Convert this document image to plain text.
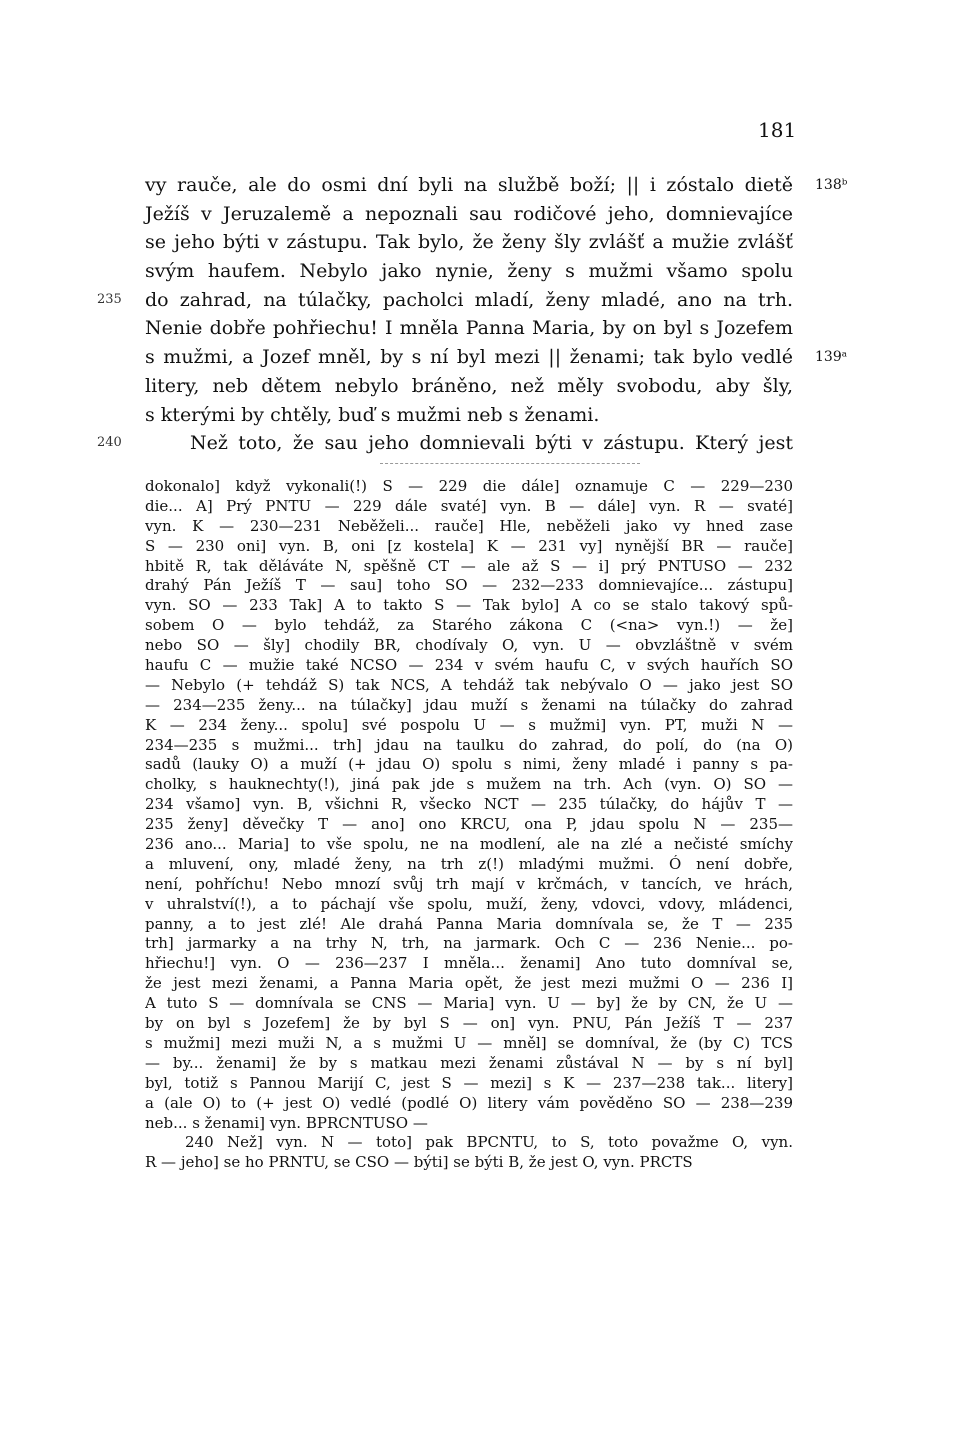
181
vy rauče, ale do osmi dní byli na službě boží; || i zóstalo dietě 138ᵇ
Ježíš v Jeruzalemě a nepoznali sau rodičové jeho, domnievajíce
se jeho býti v zástupu. Tak bylo, že ženy šly zvlášť a mužie zvlášť
svým haufem. Nebylo jako nynie, ženy s mužmi všamo spolu
235 do zahrad, na túlačky, pacholci mladí, ženy mladé, ano na trh.
Nenie dobře pohřiechu! I mněla Panna Maria, by on byl s Jozefem
s mužmi, a Jozef mněl, by s ní byl mezi || ženami; tak bylo vedlé 139ᵃ
litery, neb dětem nebylo bráněno, než měly svobodu, aby šly,
s kterými by chtěly, buď s mužmi neb s ženami.
240	Než toto, že sau jeho domnievali býti v zástupu. Který jest
dokonalo] když vykonali(!) S — 229 die dále] oznamuje C — 229—230
die... A] Prý PNTU — 229 dále svaté] vyn. B — dále] vyn. R — svaté]
vyn. K — 230—231 Neběželi... rauče] Hle, neběželi jako vy hned zase
S — 230 oni] vyn. B, oni [z kostela] K — 231 vy] nynější BR — rauče]
hbitě R, tak děláváte N, spěšně CT — ale až S — i] prý PNTUSO — 232
drahý Pán Ježíš T — sau] toho SO — 232—233 domnievajíce... zástupu]
vyn. SO — 233 Tak] A to takto S — Tak bylo] A co se stalo takový spů-
sobem O — bylo tehdáž, za Starého zákona C (<na> vyn.!) — že]
nebo SO — šly] chodily BR, chodívaly O, vyn. U — obvzláštně v svém
haufu C — mužie také NCSO — 234 v svém haufu C, v svých hauřích SO
— Nebylo (+ tehdáž S) tak NCS, A tehdáž tak nebývalo O — jako jest SO
— 234—235 ženy... na túlačky] jdau muží s ženami na túlačky do zahrad
K — 234 ženy... spolu] své pospolu U — s mužmi] vyn. PT, muži N —
234—235 s mužmi... trh] jdau na taulku do zahrad, do polí, do (na O)
sadů (lauky O) a muží (+ jdau O) spolu s nimi, ženy mladé i panny s pa-
cholky, s hauknechty(!), jiná pak jde s mužem na trh. Ach (vyn. O) SO —
234 všamo] vyn. B, všichni R, všecko NCT — 235 túlačky, do hájův T —
235 ženy] děvečky T — ano] ono KRCU, ona P, jdau spolu N — 235—
236 ano... Maria] to vše spolu, ne na modlení, ale na zlé a nečisté smíchy
a mluvení, ony, mladé ženy, na trh z(!) mladými mužmi. Ó není dobře,
není, pohříchu! Nebo mnozí svůj trh mají v krčmách, v tancích, ve hrách,
v uhralství(!), a to páchají vše spolu, muží, ženy, vdovci, vdovy, mládenci,
panny, a to jest zlé! Ale drahá Panna Maria domnívala se, že T — 235
trh] jarmarky a na trhy N, trh, na jarmark. Och C — 236 Nenie... po-
hřiechu!] vyn. O — 236—237 I mněla... ženami] Ano tuto domníval se,
že jest mezi ženami, a Panna Maria opět, že jest mezi mužmi O — 236 I]
A tuto S — domnívala se CNS — Maria] vyn. U — by] že by CN, že U —
by on byl s Jozefem] že by byl S — on] vyn. PNU, Pán Ježíš T — 237
s mužmi] mezi muži N, a s mužmi U — mněl] se domníval, že (by C) TCS
— by... ženami] že by s matkau mezi ženami zůstával N — by s ní byl]
byl, totiž s Pannou Marijí C, jest S — mezi] s K — 237—238 tak... litery]
a (ale O) to (+ jest O) vedlé (podlé O) litery vám pověděno SO — 238—239
neb... s ženami] vyn. BPRCNTUSO —
240 Než] vyn. N — toto] pak BPCNTU, to S, toto považme O, vyn.
R — jeho] se ho PRNTU, se CSO — býti] se býti B, že jest O, vyn. PRCTS
